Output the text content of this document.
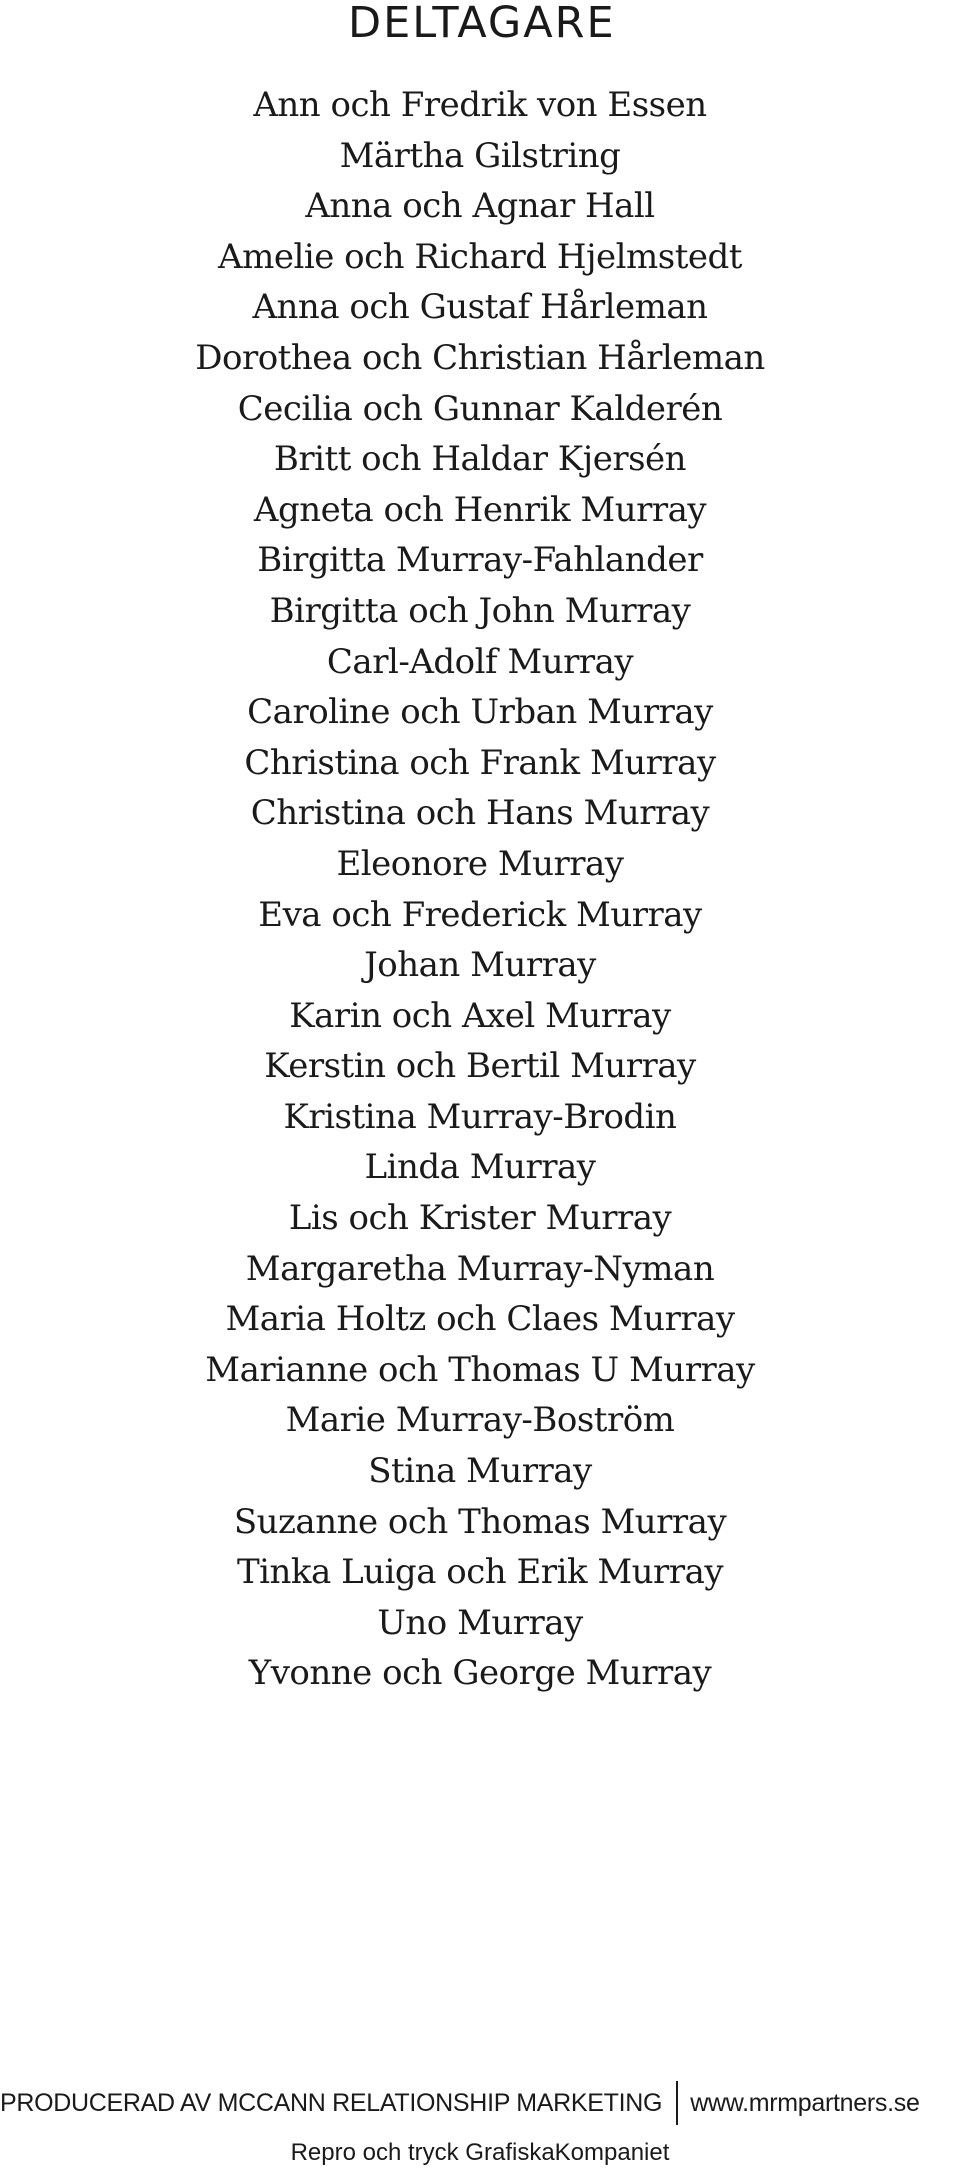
DELTAGARE
Ann och Fredrik von Essen
Märtha Gilstring
Anna och Agnar Hall
Amelie och Richard Hjelmstedt
Anna och Gustaf Hårleman
Dorothea och Christian Hårleman
Cecilia och Gunnar Kalderén
Britt och Haldar Kjersén
Agneta och Henrik Murray
Birgitta Murray-Fahlander
Birgitta och John Murray
Carl-Adolf Murray
Caroline och Urban Murray
Christina och Frank Murray
Christina och Hans Murray
Eleonore Murray
Eva och Frederick Murray
Johan Murray
Karin och Axel Murray
Kerstin och Bertil Murray
Kristina Murray-Brodin
Linda Murray
Lis och Krister Murray
Margaretha Murray-Nyman
Maria Holtz och Claes Murray
Marianne och Thomas U Murray
Marie Murray-Boström
Stina Murray
Suzanne och Thomas Murray
Tinka Luiga och Erik Murray
Uno Murray
Yvonne och George Murray
PRODUCERAD AV MCCANN RELATIONSHIP MARKETING www.mrmpartners.se
Repro och tryck GrafiskaKompaniet
